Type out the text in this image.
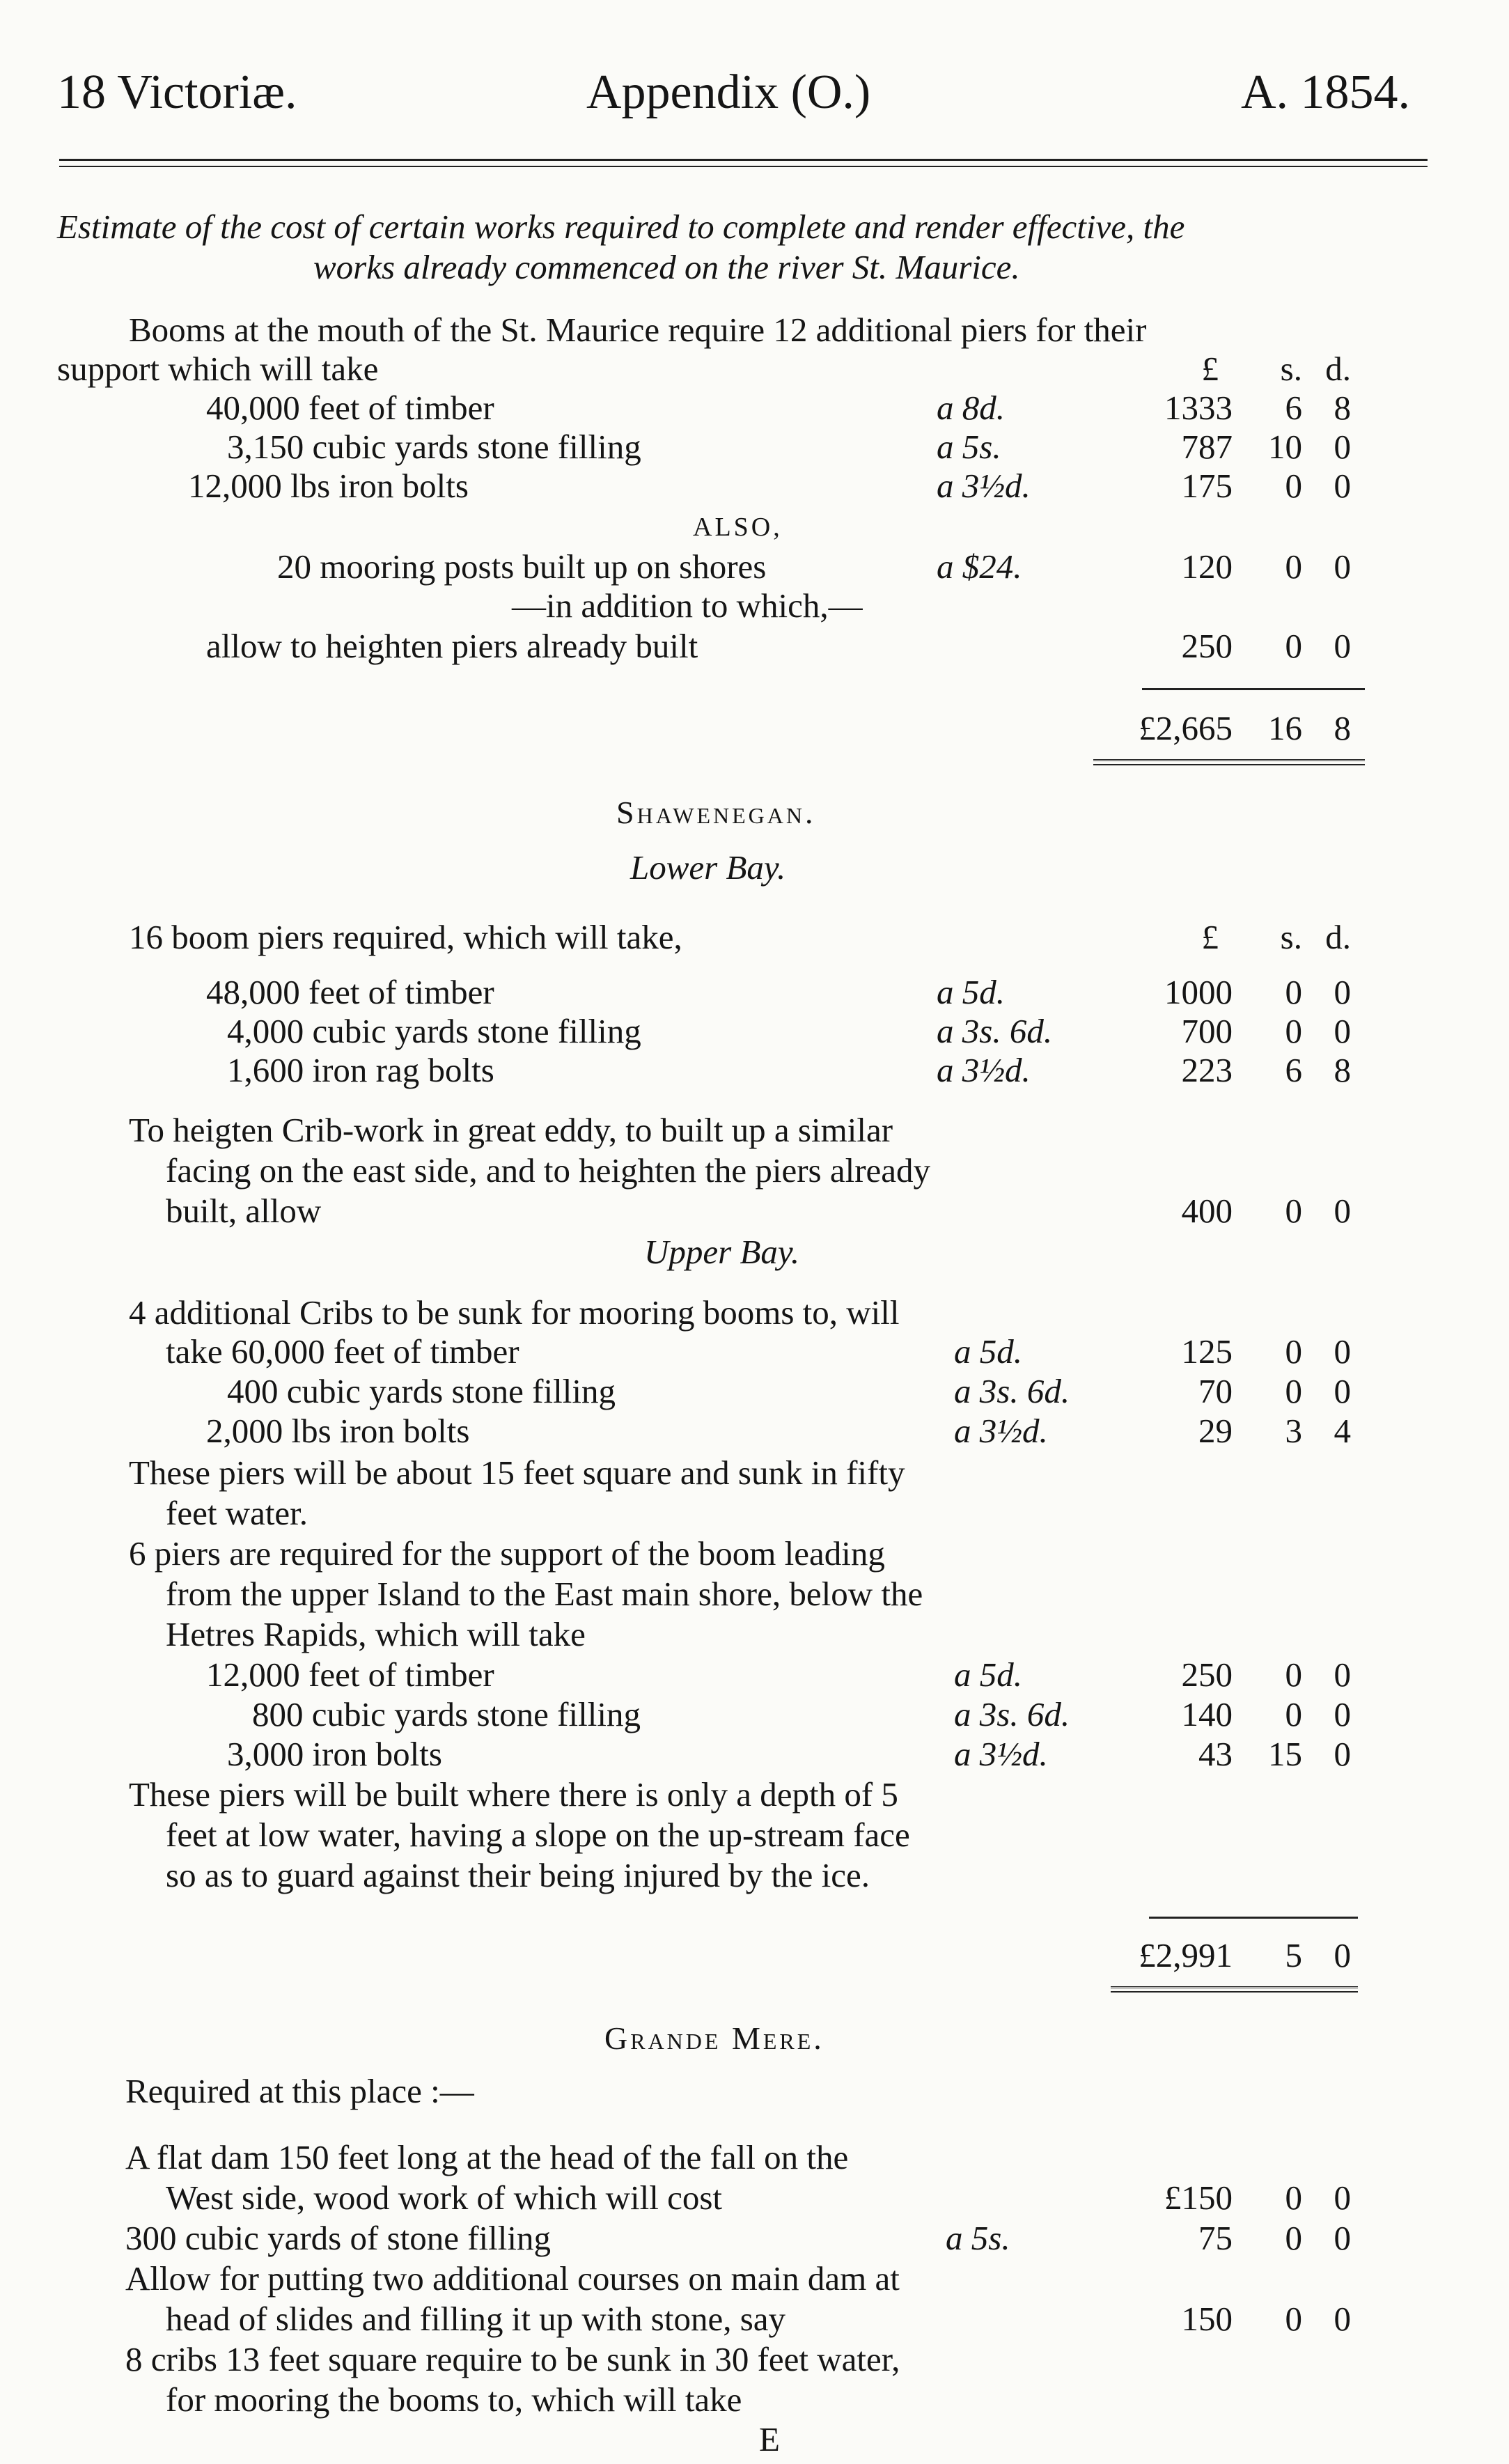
18 Victoriæ.	Appendix (O.)	A. 1854.
Estimate of the cost of certain works required to complete and render effective, the
works already commenced on the river St. Maurice.
Booms at the mouth of the St. Maurice require 12 additional piers for their
support which will take	£	s. d.
40,000 feet of timber	a 8d.	1333	6 8
3,150 cubic yards stone filling	a 5s.	787	10 0
12,000 lbs iron bolts	a 3½d.	175	0 0
ALSO,
20 mooring posts built up on shores	a $24.	120	0 0
—in addition to which,—
allow to heighten piers already built	250	0 0
£2,665	16 8
Shawenegan.
Lower Bay.
16 boom piers required, which will take,	£	s. d.
48,000 feet of timber	a 5d.	1000	0 0
4,000 cubic yards stone filling	a 3s. 6d.	700	0 0
1,600 iron rag bolts	a 3½d.	223	6 8
To heigten Crib-work in great eddy, to built up a similar
facing on the east side, and to heighten the piers already
built, allow	400	0 0
Upper Bay.
4 additional Cribs to be sunk for mooring booms to, will
take 60,000 feet of timber	a 5d.	125	0 0
400 cubic yards stone filling	a 3s. 6d.	70	0 0
2,000 lbs iron bolts	a 3½d.	29	3 4
These piers will be about 15 feet square and sunk in fifty
feet water.
6 piers are required for the support of the boom leading
from the upper Island to the East main shore, below the
Hetres Rapids, which will take
12,000 feet of timber	a 5d.	250	0 0
800 cubic yards stone filling	a 3s. 6d.	140	0 0
3,000 iron bolts	a 3½d.	43	15 0
These piers will be built where there is only a depth of 5
feet at low water, having a slope on the up-stream face
so as to guard against their being injured by the ice.
£2,991	5 0
Grande Mere.
Required at this place :—
A flat dam 150 feet long at the head of the fall on the
West side, wood work of which will cost	£150	0 0
300 cubic yards of stone filling	a 5s.	75	0 0
Allow for putting two additional courses on main dam at
head of slides and filling it up with stone, say	150	0 0
8 cribs 13 feet square require to be sunk in 30 feet water,
for mooring the booms to, which will take
E
